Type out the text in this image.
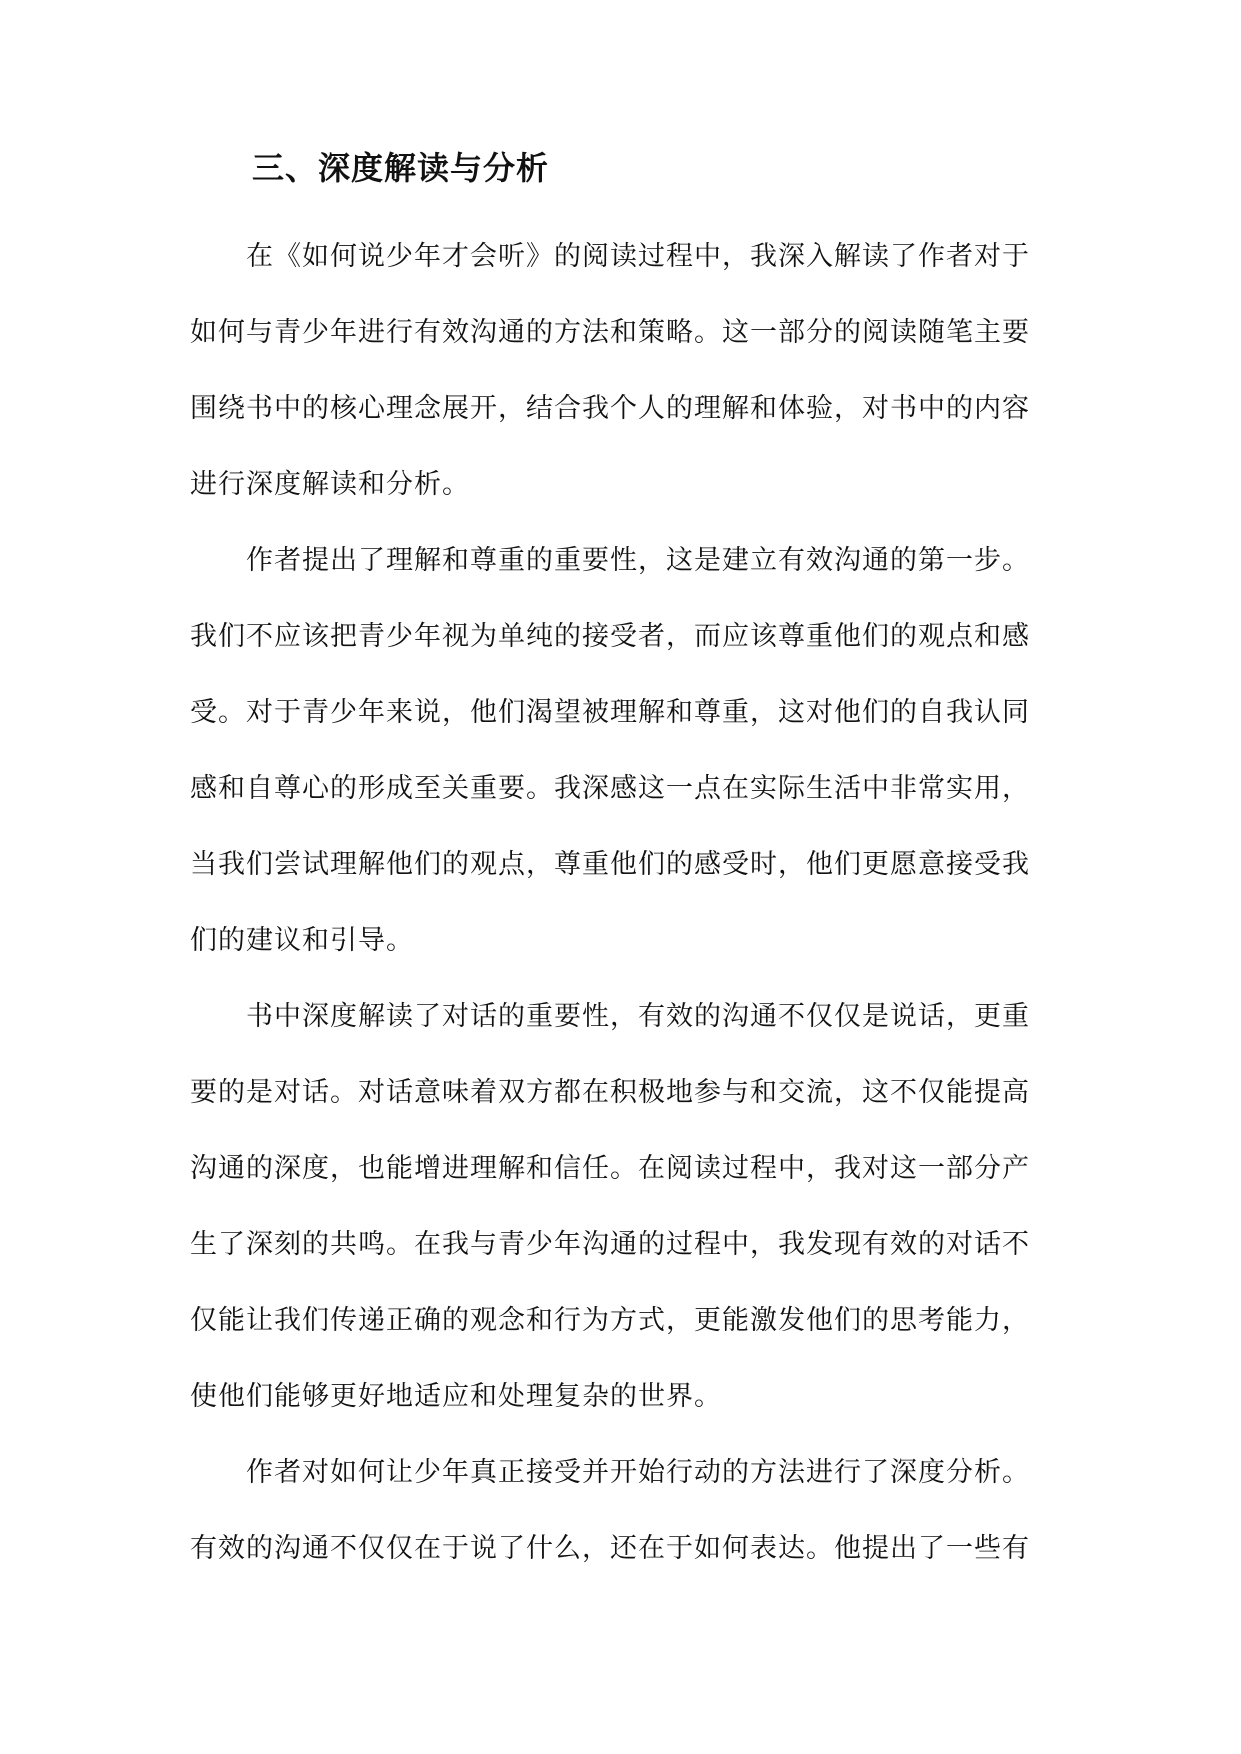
三、深度解读与分析
在《如何说少年才会听》的阅读过程中，我深入解读了作者对于
如何与青少年进行有效沟通的方法和策略。这一部分的阅读随笔主要
围绕书中的核心理念展开，结合我个人的理解和体验，对书中的内容
进行深度解读和分析。
作者提出了理解和尊重的重要性，这是建立有效沟通的第一步。
我们不应该把青少年视为单纯的接受者，而应该尊重他们的观点和感
受。对于青少年来说，他们渴望被理解和尊重，这对他们的自我认同
感和自尊心的形成至关重要。我深感这一点在实际生活中非常实用，
当我们尝试理解他们的观点，尊重他们的感受时，他们更愿意接受我
们的建议和引导。
书中深度解读了对话的重要性，有效的沟通不仅仅是说话，更重
要的是对话。对话意味着双方都在积极地参与和交流，这不仅能提高
沟通的深度，也能增进理解和信任。在阅读过程中，我对这一部分产
生了深刻的共鸣。在我与青少年沟通的过程中，我发现有效的对话不
仅能让我们传递正确的观念和行为方式，更能激发他们的思考能力，
使他们能够更好地适应和处理复杂的世界。
作者对如何让少年真正接受并开始行动的方法进行了深度分析。
有效的沟通不仅仅在于说了什么，还在于如何表达。他提出了一些有
